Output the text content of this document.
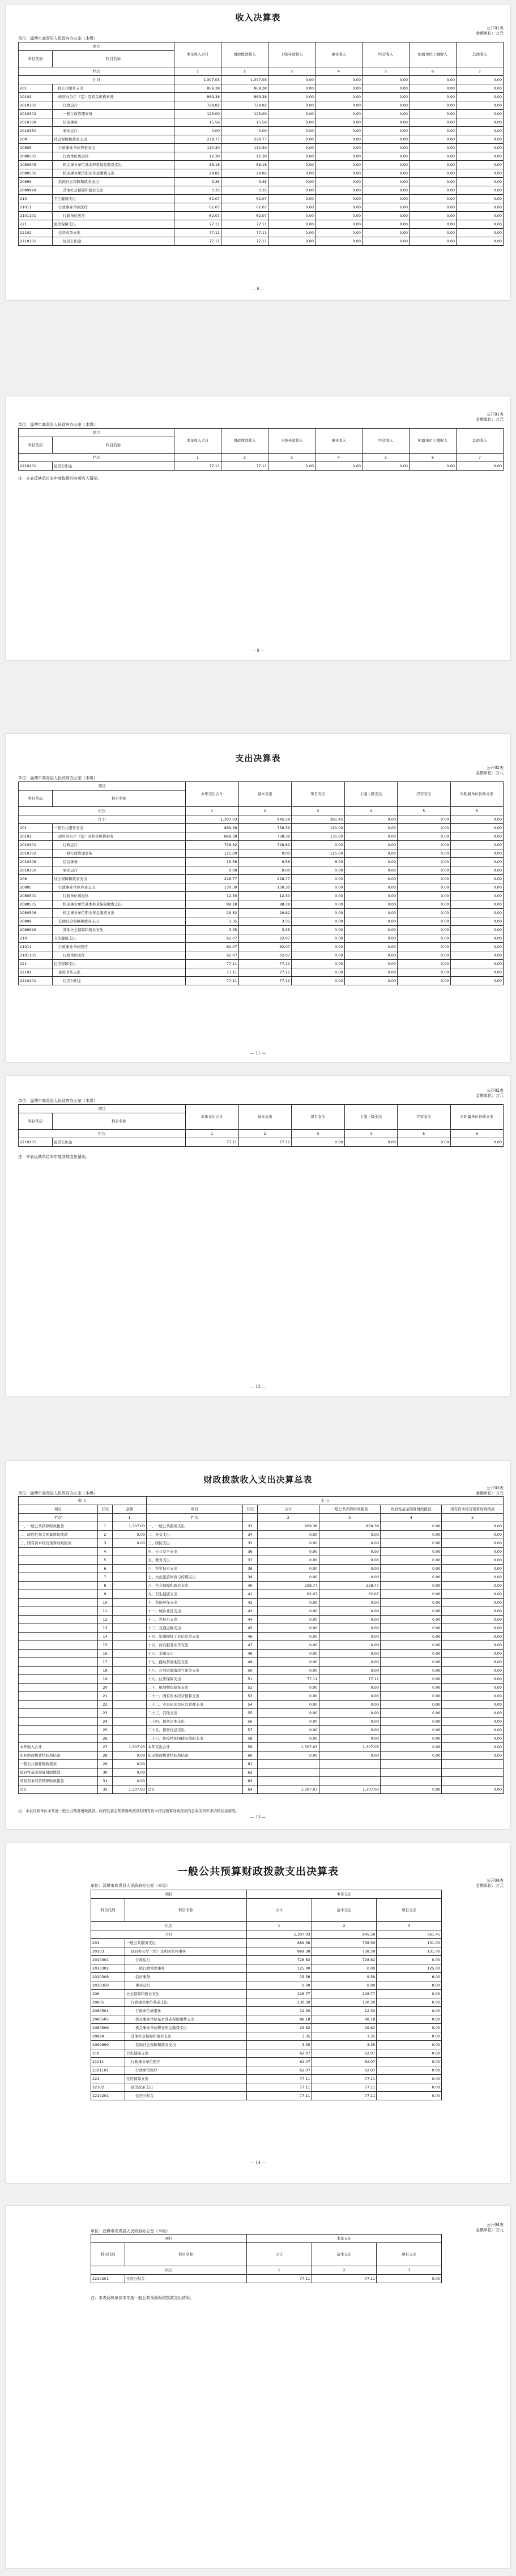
收入决算表
公开01表
金额单位：万元
单位：淄博市高青县人民政府办公室（本级）
项目		本年收入合计	财政拨款收入	上级补助收入	事业收入	经营收入	附属单位上缴收入	其他收入
科目代码	科目名称							

栏次		1	2	3	4	5	6	7
合 计		1,307.03	1,307.03	0.00	0.00	0.00	0.00	0.00
201	一般公共服务支出	869.38	869.38	0.00	0.00	0.00	0.00	0.00
20103	政府办公厅（室）及相关机构事务	869.38	869.38	0.00	0.00	0.00	0.00	0.00
2010301	行政运行	728.82	728.82	0.00	0.00	0.00	0.00	0.00
2010302	一般行政管理事务	125.00	125.00	0.00	0.00	0.00	0.00	0.00
2010308	信访事务	15.56	15.56	0.00	0.00	0.00	0.00	0.00
2010350	事业运行	0.00	0.00	0.00	0.00	0.00	0.00	0.00
208	社会保障和就业支出	228.77	228.77	0.00	0.00	0.00	0.00	0.00
20805	行政事业单位养老支出	130.30	130.30	0.00	0.00	0.00	0.00	0.00
2080501	行政单位离退休	12.30	12.30	0.00	0.00	0.00	0.00	0.00
2080505	机关事业单位基本养老保险缴费支出	88.18	88.18	0.00	0.00	0.00	0.00	0.00
2080506	机关事业单位职业年金缴费支出	29.82	29.82	0.00	0.00	0.00	0.00	0.00
20899	其他社会保障和就业支出	3.35	3.35	0.00	0.00	0.00	0.00	0.00
2089999	其他社会保障和就业支出	3.35	3.35	0.00	0.00	0.00	0.00	0.00
210	卫生健康支出	62.07	62.07	0.00	0.00	0.00	0.00	0.00
21011	行政事业单位医疗	62.07	62.07	0.00	0.00	0.00	0.00	0.00
2101101	行政单位医疗	62.07	62.07	0.00	0.00	0.00	0.00	0.00
221	住房保障支出	77.11	77.11	0.00	0.00	0.00	0.00	0.00
22102	住房改革支出	77.11	77.11	0.00	0.00	0.00	0.00	0.00
2210201	住房公积金	77.11	77.11	0.00	0.00	0.00	0.00	0.00
— 6 —
公开01表
金额单位：万元
单位：淄博市高青县人民政府办公室（本级）
项目		本年收入合计	财政拨款收入	上级补助收入	事业收入	经营收入	附属单位上缴收入	其他收入
科目代码	科目名称							

栏次		1	2	3	4	5	6	7
2210201	住房公积金	77.11	77.11	0.00	0.00	0.00	0.00	0.00
注：本表反映单位本年度取得的各项收入情况。
— 9 —
支出决算表
公开02表
金额单位：万元
单位：淄博市高青县人民政府办公室（本级）
项目		本年支出合计	基本支出	项目支出	上缴上级支出	经营支出	对附属单位补助支出
科目代码	科目名称						

栏次		1	2	3	4	5	6
合 计		1,307.03	945.58	361.45	0.00	0.00	0.00
201	一般公共服务支出	869.38	738.39	131.00	0.00	0.00	0.00
20103	政府办公厅（室）及相关机构事务	869.38	738.39	131.00	0.00	0.00	0.00
2010301	行政运行	728.82	728.82	0.00	0.00	0.00	0.00
2010302	一般行政管理事务	125.00	0.00	125.00	0.00	0.00	0.00
2010308	信访事务	15.56	9.56	6.00	0.00	0.00	0.00
2010350	事业运行	0.00	0.00	0.00	0.00	0.00	0.00
208	社会保障和就业支出	228.77	228.77	0.00	0.00	0.00	0.00
20805	行政事业单位养老支出	130.30	130.30	0.00	0.00	0.00	0.00
2080501	行政单位离退休	12.30	12.30	0.00	0.00	0.00	0.00
2080505	机关事业单位基本养老保险缴费支出	88.18	88.18	0.00	0.00	0.00	0.00
2080506	机关事业单位职业年金缴费支出	29.82	29.82	0.00	0.00	0.00	0.00
20899	其他社会保障和就业支出	3.35	3.35	0.00	0.00	0.00	0.00
2089999	其他社会保障和就业支出	3.35	3.35	0.00	0.00	0.00	0.00
210	卫生健康支出	62.07	62.07	0.00	0.00	0.00	0.00
21011	行政事业单位医疗	62.07	62.07	0.00	0.00	0.00	0.00
2101101	行政单位医疗	62.07	62.07	0.00	0.00	0.00	0.00
221	住房保障支出	77.11	77.11	0.00	0.00	0.00	0.00
22102	住房改革支出	77.11	77.11	0.00	0.00	0.00	0.00
2210201	住房公积金	77.11	77.11	0.00	0.00	0.00	0.00
— 11 —
公开02表
金额单位：万元
单位：淄博市高青县人民政府办公室（本级）
项目		本年支出合计	基本支出	项目支出	上缴上级支出	经营支出	对附属单位补助支出
科目代码	科目名称						

栏次		1	2	3	4	5	6
2210201	住房公积金	77.11	77.11	0.00	0.00	0.00	0.00
注：本表反映单位本年度各项支出情况。
— 12 —
财政拨款收入支出决算总表
公开03表
金额单位：万元
单位：淄博市高青县人民政府办公室（本级）
收 入			支 出					
项目	行次	金额	项目	行次	合计	一般公共预算财政拨款	政府性基金预算财政拨款	国有资本经营预算财政拨款
栏次		1	栏次		2	3	4	5
一、一般公共预算财政拨款	1	1,307.03	一、一般公共服务支出	33	869.38	869.38	0.00	0.00
二、政府性基金预算财政拨款	2	0.00	二、外交支出	34	0.00	0.00	0.00	0.00
三、国有资本经营预算财政拨款	3	0.00	三、国防支出	35	0.00	0.00	0.00	0.00
	4		四、公共安全支出	36	0.00	0.00	0.00	0.00
	5		五、教育支出	37	0.00	0.00	0.00	0.00
	6		六、科学技术支出	38	0.00	0.00	0.00	0.00
	7		七、文化旅游体育与传媒支出	39	0.00	0.00	0.00	0.00
	8		八、社会保障和就业支出	40	228.77	228.77	0.00	0.00
	9		九、卫生健康支出	41	62.07	62.07	0.00	0.00
	10		十、节能环保支出	42	0.00	0.00	0.00	0.00
	11		十一、城乡社区支出	43	0.00	0.00	0.00	0.00
	12		十二、农林水支出	44	0.00	0.00	0.00	0.00
	13		十三、交通运输支出	45	0.00	0.00	0.00	0.00
	14		十四、资源勘探工业信息等支出	46	0.00	0.00	0.00	0.00
	15		十五、商业服务业等支出	47	0.00	0.00	0.00	0.00
	16		十六、金融支出	48	0.00	0.00	0.00	0.00
	17		十七、援助其他地区支出	49	0.00	0.00	0.00	0.00
	18		十八、自然资源海洋气象等支出	50	0.00	0.00	0.00	0.00
	19		十九、住房保障支出	51	77.11	77.11	0.00	0.00
	20		二十、粮油物资储备支出	52	0.00	0.00	0.00	0.00
	21		二十一、国有资本经营预算支出	53	0.00	0.00	0.00	0.00
	22		二十二、灾害防治及应急管理支出	54	0.00	0.00	0.00	0.00
	23		二十三、其他支出	55	0.00	0.00	0.00	0.00
	24		二十四、债务还本支出	56	0.00	0.00	0.00	0.00
	25		二十五、债务付息支出	57	0.00	0.00	0.00	0.00
	26		二十六、抗疫特别国债安排的支出	58	0.00	0.00	0.00	0.00
本年收入合计	27	1,307.03	本年支出合计	59	1,307.03	1,307.03	0.00	0.00
年初财政拨款结转和结余	28	0.00	年末财政拨款结转和结余	60	0.00	0.00	0.00	0.00
一般公共预算财政拨款	29	0.00		61				
政府性基金预算财政拨款	30	0.00		62				
国有资本经营预算财政拨款	31	0.00		63				
总计	32	1,307.03	总计	64	1,307.03	1,307.03	0.00	0.00
注：本表反映单位本年度一般公共预算财政拨款、政府性基金预算财政拨款和国有资本经营预算财政拨款的总收支和年末结转结余情况。
— 13 —
一般公共预算财政拨款支出决算表
公开04表
金额单位：万元
单位：淄博市高青县人民政府办公室（本级）
项目		本年支出		
科目代码	科目名称	小计	基本支出	项目支出

栏次		1	2	3
合计		1,307.03	945.58	361.45
201	一般公共服务支出	869.38	738.39	131.00
20103	政府办公厅（室）及相关机构事务	869.38	738.39	131.00
2010301	行政运行	728.82	728.82	0.00
2010302	一般行政管理事务	125.00	0.00	125.00
2010308	信访事务	15.56	9.56	6.00
2010350	事业运行	0.00	0.00	0.00
208	社会保障和就业支出	228.77	228.77	0.00
20805	行政事业单位养老支出	130.30	130.30	0.00
2080501	行政单位离退休	12.30	12.30	0.00
2080505	机关事业单位基本养老保险缴费支出	88.18	88.18	0.00
2080506	机关事业单位职业年金缴费支出	29.82	29.82	0.00
20899	其他社会保障和就业支出	3.35	3.35	0.00
2089999	其他社会保障和就业支出	3.35	3.35	0.00
210	卫生健康支出	62.07	62.07	0.00
21011	行政事业单位医疗	62.07	62.07	0.00
2101101	行政单位医疗	62.07	62.07	0.00
221	住房保障支出	77.11	77.11	0.00
22102	住房改革支出	77.11	77.11	0.00
2210201	住房公积金	77.11	77.11	0.00
— 14 —
公开04表
金额单位：万元
单位：淄博市高青县人民政府办公室（本级）
项目		本年支出		
科目代码	科目名称	小计	基本支出	项目支出

栏次		1	2	3
2210201	住房公积金	77.11	77.11	0.00
注：本表反映单位本年度一般公共预算财政拨款支出情况。
